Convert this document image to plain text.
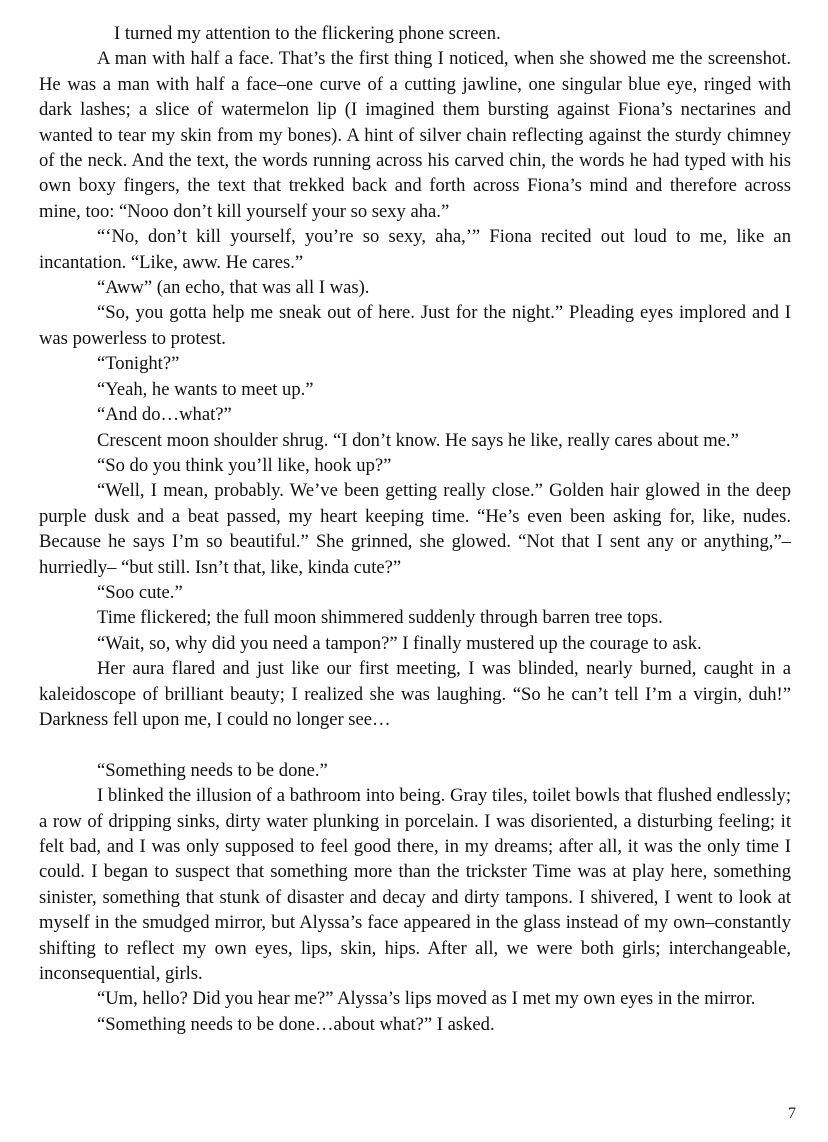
I turned my attention to the flickering phone screen.

A man with half a face. That’s the first thing I noticed, when she showed me the screenshot. He was a man with half a face–one curve of a cutting jawline, one singular blue eye, ringed with dark lashes; a slice of watermelon lip (I imagined them bursting against Fiona’s nectarines and wanted to tear my skin from my bones). A hint of silver chain reflecting against the sturdy chimney of the neck. And the text, the words running across his carved chin, the words he had typed with his own boxy fingers, the text that trekked back and forth across Fiona’s mind and therefore across mine, too: “Nooo don’t kill yourself your so sexy aha.”

“‘No, don’t kill yourself, you’re so sexy, aha,’” Fiona recited out loud to me, like an incantation. “Like, aww. He cares.”

“Aww” (an echo, that was all I was).

“So, you gotta help me sneak out of here. Just for the night.” Pleading eyes implored and I was powerless to protest.

“Tonight?”

“Yeah, he wants to meet up.”

“And do…what?”

Crescent moon shoulder shrug. “I don’t know. He says he like, really cares about me.”

“So do you think you’ll like, hook up?”

“Well, I mean, probably. We’ve been getting really close.” Golden hair glowed in the deep purple dusk and a beat passed, my heart keeping time. “He’s even been asking for, like, nudes. Because he says I’m so beautiful.” She grinned, she glowed. “Not that I sent any or anything,”–hurriedly– “but still. Isn’t that, like, kinda cute?”

“Soo cute.”

Time flickered; the full moon shimmered suddenly through barren tree tops.

“Wait, so, why did you need a tampon?” I finally mustered up the courage to ask.

Her aura flared and just like our first meeting, I was blinded, nearly burned, caught in a kaleidoscope of brilliant beauty; I realized she was laughing. “So he can’t tell I’m a virgin, duh!” Darkness fell upon me, I could no longer see…

“Something needs to be done.”

I blinked the illusion of a bathroom into being. Gray tiles, toilet bowls that flushed endlessly; a row of dripping sinks, dirty water plunking in porcelain. I was disoriented, a disturbing feeling; it felt bad, and I was only supposed to feel good there, in my dreams; after all, it was the only time I could. I began to suspect that something more than the trickster Time was at play here, something sinister, something that stunk of disaster and decay and dirty tampons. I shivered, I went to look at myself in the smudged mirror, but Alyssa’s face appeared in the glass instead of my own–constantly shifting to reflect my own eyes, lips, skin, hips. After all, we were both girls; interchangeable, inconsequential, girls.

“Um, hello? Did you hear me?” Alyssa’s lips moved as I met my own eyes in the mirror.

“Something needs to be done…about what?” I asked.

7
